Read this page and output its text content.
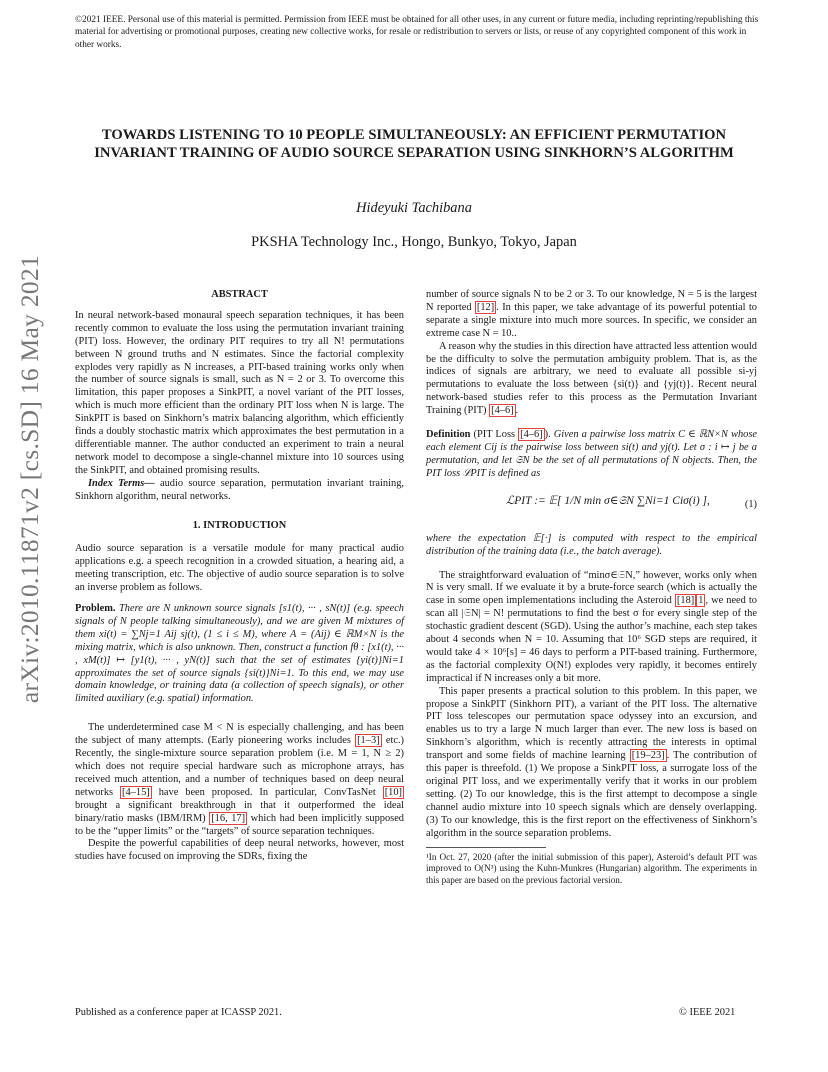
©2021 IEEE. Personal use of this material is permitted. Permission from IEEE must be obtained for all other uses, in any current or future media, including reprinting/republishing this material for advertising or promotional purposes, creating new collective works, for resale or redistribution to servers or lists, or reuse of any copyrighted component of this work in other works.
arXiv:2010.11871v2 [cs.SD] 16 May 2021
TOWARDS LISTENING TO 10 PEOPLE SIMULTANEOUSLY: AN EFFICIENT PERMUTATION INVARIANT TRAINING OF AUDIO SOURCE SEPARATION USING SINKHORN’S ALGORITHM
Hideyuki Tachibana
PKSHA Technology Inc., Hongo, Bunkyo, Tokyo, Japan

ABSTRACT

In neural network-based monaural speech separation techniques, it has been recently common to evaluate the loss using the permutation invariant training (PIT) loss. However, the ordinary PIT requires to try all N! permutations between N ground truths and N estimates. Since the factorial complexity explodes very rapidly as N increases, a PIT-based training works only when the number of source signals is small, such as N = 2 or 3. To overcome this limitation, this paper proposes a SinkPIT, a novel variant of the PIT losses, which is much more efficient than the ordinary PIT loss when N is large. The SinkPIT is based on Sinkhorn’s matrix balancing algorithm, which efficiently finds a doubly stochastic matrix which approximates the best permutation in a differentiable manner. The author conducted an experiment to train a neural network model to decompose a single-channel mixture into 10 sources using the SinkPIT, and obtained promising results.

Index Terms— audio source separation, permutation invariant training, Sinkhorn algorithm, neural networks.

1. INTRODUCTION

Audio source separation is a versatile module for many practical audio applications e.g. a speech recognition in a crowded situation, a hearing aid, a meeting transcription, etc. The objective of audio source separation is to solve an inverse problem as follows.

Problem. There are N unknown source signals [s1(t), ··· , sN(t)] (e.g. speech signals of N people talking simultaneously), and we are given M mixtures of them xi(t) = ∑Nj=1 Aij sj(t), (1 ≤ i ≤ M), where A = (Aij) ∈ ℝM×N is the mixing matrix, which is also unknown. Then, construct a function fθ : [x1(t), ··· , xM(t)] ↦ [y1(t), ··· , yN(t)] such that the set of estimates {yi(t)}Ni=1 approximates the set of source signals {si(t)}Ni=1. To this end, we may use domain knowledge, or training data (a collection of speech signals), or other limited auxiliary (e.g. spatial) information.

The underdetermined case M < N is especially challenging, and has been the subject of many attempts. (Early pioneering works includes [1–3] etc.) Recently, the single-mixture source separation problem (i.e. M = 1, N ≥ 2) which does not require special hardware such as microphone arrays, has received much attention, and a number of techniques based on deep neural networks [4–15] have been proposed. In particular, ConvTasNet [10] brought a significant breakthrough in that it outperformed the ideal binary/ratio masks (IBM/IRM) [16, 17] which had been implicitly supposed to be the “upper limits” or the “targets” of source separation techniques.

Despite the powerful capabilities of deep neural networks, however, most studies have focused on improving the SDRs, fixing the

number of source signals N to be 2 or 3. To our knowledge, N = 5 is the largest N reported [12] . In this paper, we take advantage of its powerful potential to separate a single mixture into much more sources. In specific, we consider an extreme case N = 10..

A reason why the studies in this direction have attracted less attention would be the difficulty to solve the permutation ambiguity problem. That is, as the indices of signals are arbitrary, we need to evaluate all possible si-yj permutations to evaluate the loss between {si(t)} and {yj(t)}. Recent neural network-based studies refer to this process as the Permutation Invariant Training (PIT) [4–6] .

Definition (PIT Loss [4–6] ). Given a pairwise loss matrix C ∈ ℝN×N whose each element Cij is the pairwise loss between si(t) and yj(t). Let σ : i ↦ j be a permutation, and let 𝔖N be the set of all permutations of N objects. Then, the PIT loss ℒPIT is defined as

ℒPIT := 𝔼[ 1/N min σ∈𝔖N ∑Ni=1 Ciσ(i) ],	(1)

where the expectation 𝔼[·] is computed with respect to the empirical distribution of the training data (i.e., the batch average).

The straightforward evaluation of “minσ∈𝔖N,” however, works only when N is very small. If we evaluate it by a brute-force search (which is actually the case in some open implementations including the Asteroid [18] 1 , we need to scan all |𝔖N| = N! permutations to find the best σ for every single step of the stochastic gradient descent (SGD). Using the author’s machine, each step takes about 4 seconds when N = 10. Assuming that 10⁶ SGD steps are required, it would take 4 × 10⁶[s] = 46 days to perform a PIT-based training. Furthermore, as the factorial complexity O(N!) explodes very rapidly, it becomes entirely impractical if N increases only a bit more.

This paper presents a practical solution to this problem. In this paper, we propose a SinkPIT (Sinkhorn PIT), a variant of the PIT loss. The alternative PIT loss telescopes our permutation space odyssey into an excursion, and enables us to try a large N much larger than ever. The new loss is based on Sinkhorn’s algorithm, which is recently attracting the interests in optimal transport and some fields of machine learning [19–23] . The contribution of this paper is threefold. (1) We propose a SinkPIT loss, a surrogate loss of the original PIT loss, and we experimentally verify that it works in our problem setting. (2) To our knowledge, this is the first attempt to decompose a single channel audio mixture into 10 speech signals which are densely overlapping. (3) To our knowledge, this is the first report on the effectiveness of Sinkhorn’s algorithm in the source separation problems.

¹In Oct. 27, 2020 (after the initial submission of this paper), Asteroid’s default PIT was improved to O(N³) using the Kuhn-Munkres (Hungarian) algorithm. The experiments in this paper are based on the previous factorial version.

Published as a conference paper at ICASSP 2021.	© IEEE 2021
